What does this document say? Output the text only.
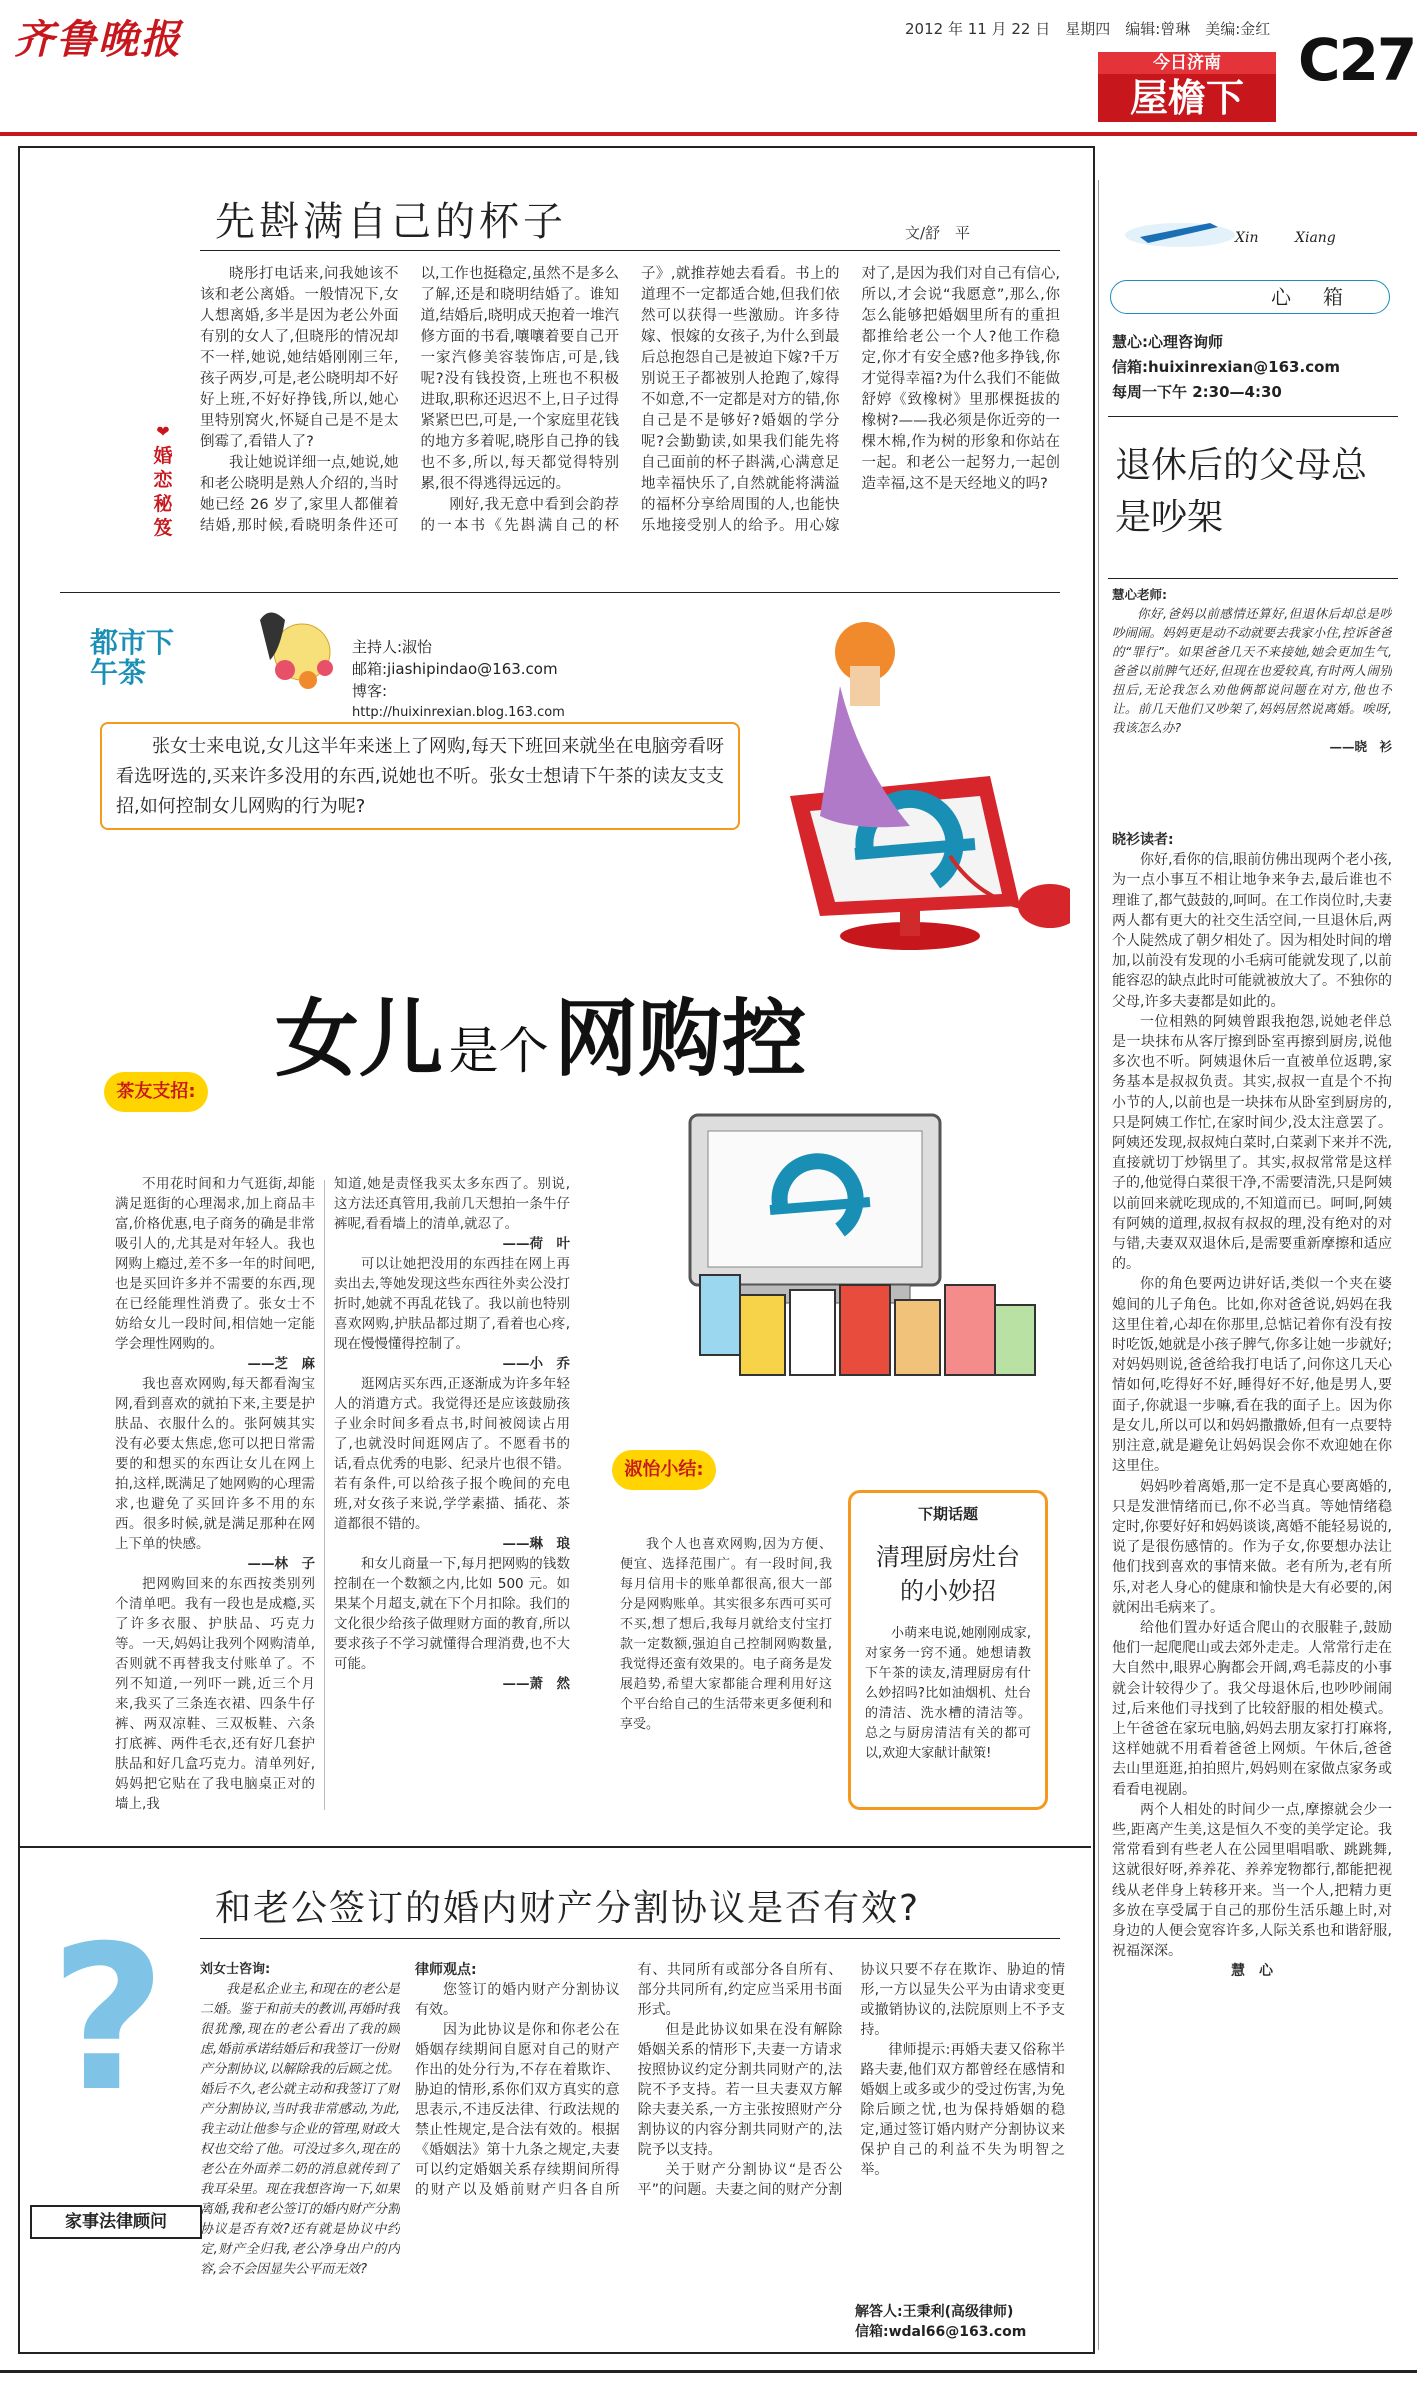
齐鲁晚报	2012 年 11 月 22 日　星期四　编辑:曾琳　美编:金红
今日济南
屋檐下
C27
先斟满自己的杯子	文/舒　平
❤
婚恋秘笈

晓彤打电话来,问我她该不该和老公离婚。一般情况下,女人想离婚,多半是因为老公外面有别的女人了,但晓彤的情况却不一样,她说,她结婚刚刚三年,孩子两岁,可是,老公晓明却不好好上班,不好好挣钱,所以,她心里特别窝火,怀疑自己是不是太倒霉了,看错人了?

我让她说详细一点,她说,她和老公晓明是熟人介绍的,当时她已经 26 岁了,家里人都催着结婚,那时候,看晓明条件还可以,工作也挺稳定,虽然不是多么了解,还是和晓明结婚了。谁知道,结婚后,晓明成天抱着一堆汽修方面的书看,嚷嚷着要自己开一家汽修美容装饰店,可是,钱呢?没有钱投资,上班也不积极进取,职称还迟迟不上,日子过得紧紧巴巴,可是,一个家庭里花钱的地方多着呢,晓彤自己挣的钱也不多,所以,每天都觉得特别累,很不得逃得远远的。

刚好,我无意中看到会韵荐的一本书《先斟满自己的杯子》,就推荐她去看看。书上的道理不一定都适合她,但我们依然可以获得一些激励。许多待嫁、恨嫁的女孩子,为什么到最后总抱怨自己是被迫下嫁?千万别说王子都被别人抢跑了,嫁得不如意,不一定都是对方的错,你自己是不是够好?婚姻的学分呢?会勤勤读,如果我们能先将自己面前的杯子斟满,心满意足地幸福快乐了,自然就能将满溢的福杯分享给周围的人,也能快乐地接受别人的给予。用心嫁对了,是因为我们对自己有信心,所以,才会说“我愿意”,那么,你怎么能够把婚姻里所有的重担都推给老公一个人?他工作稳定,你才有安全感?他多挣钱,你才觉得幸福?为什么我们不能做舒婷《致橡树》里那棵挺拔的橡树?——我必须是你近旁的一棵木棉,作为树的形象和你站在一起。和老公一起努力,一起创造幸福,这不是天经地义的吗?

都市下午茶
主持人:淑怡
邮箱:jiashipindao@163.com
博客:
http://huixinrexian.blog.163.com
张女士来电说,女儿这半年来迷上了网购,每天下班回来就坐在电脑旁看呀看选呀选的,买来许多没用的东西,说她也不听。张女士想请下午茶的读友支支招,如何控制女儿网购的行为呢?
女儿 是个 网购控
茶友支招:

不用花时间和力气逛街,却能满足逛街的心理渴求,加上商品丰富,价格优惠,电子商务的确是非常吸引人的,尤其是对年轻人。我也网购上瘾过,差不多一年的时间吧,也是买回许多并不需要的东西,现在已经能理性消费了。张女士不妨给女儿一段时间,相信她一定能学会理性网购的。

——芝　麻

我也喜欢网购,每天都看淘宝网,看到喜欢的就拍下来,主要是护肤品、衣服什么的。张阿姨其实没有必要太焦虑,您可以把日常需要的和想买的东西让女儿在网上拍,这样,既满足了她网购的心理需求,也避免了买回许多不用的东西。很多时候,就是满足那种在网上下单的快感。

——林　子

把网购回来的东西按类别列个清单吧。我有一段也是成瘾,买了许多衣服、护肤品、巧克力等。一天,妈妈让我列个网购清单,否则就不再替我支付账单了。不列不知道,一列吓一跳,近三个月来,我买了三条连衣裙、四条牛仔裤、两双凉鞋、三双板鞋、六条打底裤、两件毛衣,还有好几套护肤品和好几盒巧克力。清单列好,妈妈把它贴在了我电脑桌正对的墙上,我

知道,她是责怪我买太多东西了。别说,这方法还真管用,我前几天想拍一条牛仔裤呢,看看墙上的清单,就忍了。

——荷　叶

可以让她把没用的东西挂在网上再卖出去,等她发现这些东西往外卖公没打折时,她就不再乱花钱了。我以前也特别喜欢网购,护肤品都过期了,看着也心疼,现在慢慢懂得控制了。

——小　乔

逛网店买东西,正逐渐成为许多年轻人的消遣方式。我觉得还是应该鼓励孩子业余时间多看点书,时间被阅读占用了,也就没时间逛网店了。不愿看书的话,看点优秀的电影、纪录片也很不错。若有条件,可以给孩子报个晚间的充电班,对女孩子来说,学学素描、插花、茶道都很不错的。

——琳　琅

和女儿商量一下,每月把网购的钱数控制在一个数额之内,比如 500 元。如果某个月超支,就在下个月扣除。我们的文化很少给孩子做理财方面的教育,所以要求孩子不学习就懂得合理消费,也不大可能。

——萧　然

淑怡小结:

我个人也喜欢网购,因为方便、便宜、选择范围广。有一段时间,我每月信用卡的账单都很高,很大一部分是网购账单。其实很多东西可买可不买,想了想后,我每月就给支付宝打款一定数额,强迫自己控制网购数量,我觉得还蛮有效果的。电子商务是发展趋势,希望大家都能合理利用好这个平台给自己的生活带来更多便利和享受。

下期话题
清理厨房灶台的小妙招
小萌来电说,她刚刚成家,对家务一窍不通。她想请教下午茶的读友,清理厨房有什么妙招吗?比如油烟机、灶台的清洁、洗水槽的清洁等。总之与厨房清洁有关的都可以,欢迎大家献计献策!
和老公签订的婚内财产分割协议是否有效?
?
家事法律顾问

刘女士咨询:

我是私企业主,和现在的老公是二婚。鉴于和前夫的教训,再婚时我很犹豫,现在的老公看出了我的顾虑,婚前承诺结婚后和我签订一份财产分割协议,以解除我的后顾之忧。婚后不久,老公就主动和我签订了财产分割协议,当时我非常感动,为此,我主动让他参与企业的管理,财政大权也交给了他。可没过多久,现在的老公在外面养二奶的消息就传到了我耳朵里。现在我想咨询一下,如果离婚,我和老公签订的婚内财产分割协议是否有效?还有就是协议中约定,财产全归我,老公净身出户的内容,会不会因显失公平而无效?

律师观点:

您签订的婚内财产分割协议有效。

因为此协议是你和你老公在婚姻存续期间自愿对自己的财产作出的处分行为,不存在着欺诈、胁迫的情形,系你们双方真实的意思表示,不违反法律、行政法规的禁止性规定,是合法有效的。根据《婚姻法》第十九条之规定,夫妻可以约定婚姻关系存续期间所得的财产以及婚前财产归各自所有、共同所有或部分各自所有、部分共同所有,约定应当采用书面形式。

但是此协议如果在没有解除婚姻关系的情形下,夫妻一方请求按照协议约定分割共同财产的,法院不予支持。若一旦夫妻双方解除夫妻关系,一方主张按照财产分割协议的内容分割共同财产的,法院予以支持。

关于财产分割协议“是否公平”的问题。夫妻之间的财产分割协议只要不存在欺诈、胁迫的情形,一方以显失公平为由请求变更或撤销协议的,法院原则上不予支持。

律师提示:再婚夫妻又俗称半路夫妻,他们双方都曾经在感情和婚姻上或多或少的受过伤害,为免除后顾之忧,也为保持婚姻的稳定,通过签订婚内财产分割协议来保护自己的利益不失为明智之举。

解答人:王秉利(高级律师)
信箱:wdal66@163.com
Xin	Xiang
心　箱
慧心:心理咨询师
信箱:huixinrexian@163.com
每周一下午 2:30—4:30
退休后的父母总是吵架

慧心老师:

你好,爸妈以前感情还算好,但退休后却总是吵吵闹闹。妈妈更是动不动就要去我家小住,控诉爸爸的“罪行”。如果爸爸几天不来接她,她会更加生气,爸爸以前脾气还好,但现在也爱较真,有时两人闹别扭后,无论我怎么劝他俩都说问题在对方,他也不让。前几天他们又吵架了,妈妈居然说离婚。唉呀,我该怎么办?

——晓　衫

晓衫读者:

你好,看你的信,眼前仿佛出现两个老小孩,为一点小事互不相让地争来争去,最后谁也不理谁了,都气鼓鼓的,呵呵。在工作岗位时,夫妻两人都有更大的社交生活空间,一旦退休后,两个人陡然成了朝夕相处了。因为相处时间的增加,以前没有发现的小毛病可能就发现了,以前能容忍的缺点此时可能就被放大了。不独你的父母,许多夫妻都是如此的。

一位相熟的阿姨曾跟我抱怨,说她老伴总是一块抹布从客厅擦到卧室再擦到厨房,说他多次也不听。阿姨退休后一直被单位返聘,家务基本是叔叔负责。其实,叔叔一直是个不拘小节的人,以前也是一块抹布从卧室到厨房的,只是阿姨工作忙,在家时间少,没太注意罢了。阿姨还发现,叔叔炖白菜时,白菜剥下来并不洗,直接就切丁炒锅里了。其实,叔叔常常是这样子的,他觉得白菜很干净,不需要清洗,只是阿姨以前回来就吃现成的,不知道而已。呵呵,阿姨有阿姨的道理,叔叔有叔叔的理,没有绝对的对与错,夫妻双双退休后,是需要重新摩擦和适应的。

你的角色要两边讲好话,类似一个夹在婆媳间的儿子角色。比如,你对爸爸说,妈妈在我这里住着,心却在你那里,总惦记着你有没有按时吃饭,她就是小孩子脾气,你多让她一步就好;对妈妈则说,爸爸给我打电话了,问你这几天心情如何,吃得好不好,睡得好不好,他是男人,要面子,你就退一步嘛,看在我的面子上。因为你是女儿,所以可以和妈妈撒撒娇,但有一点要特别注意,就是避免让妈妈误会你不欢迎她在你这里住。

妈妈吵着离婚,那一定不是真心要离婚的,只是发泄情绪而已,你不必当真。等她情绪稳定时,你要好好和妈妈谈谈,离婚不能轻易说的,说了是很伤感情的。作为子女,你要想办法让他们找到喜欢的事情来做。老有所为,老有所乐,对老人身心的健康和愉快是大有必要的,闲就闲出毛病来了。

给他们置办好适合爬山的衣服鞋子,鼓励他们一起爬爬山或去郊外走走。人常常行走在大自然中,眼界心胸都会开阔,鸡毛蒜皮的小事就会计较得少了。我父母退休后,也吵吵闹闹过,后来他们寻找到了比较舒服的相处模式。上午爸爸在家玩电脑,妈妈去朋友家打打麻将,这样她就不用看着爸爸上网烦。午休后,爸爸去山里逛逛,拍拍照片,妈妈则在家做点家务或看看电视剧。

两个人相处的时间少一点,摩擦就会少一些,距离产生美,这是恒久不变的美学定论。我常常看到有些老人在公园里唱唱歌、跳跳舞,这就很好呀,养养花、养养宠物都行,都能把视线从老伴身上转移开来。当一个人,把精力更多放在享受属于自己的那份生活乐趣上时,对身边的人便会宽容许多,人际关系也和谐舒服,祝福深深。

慧　心
